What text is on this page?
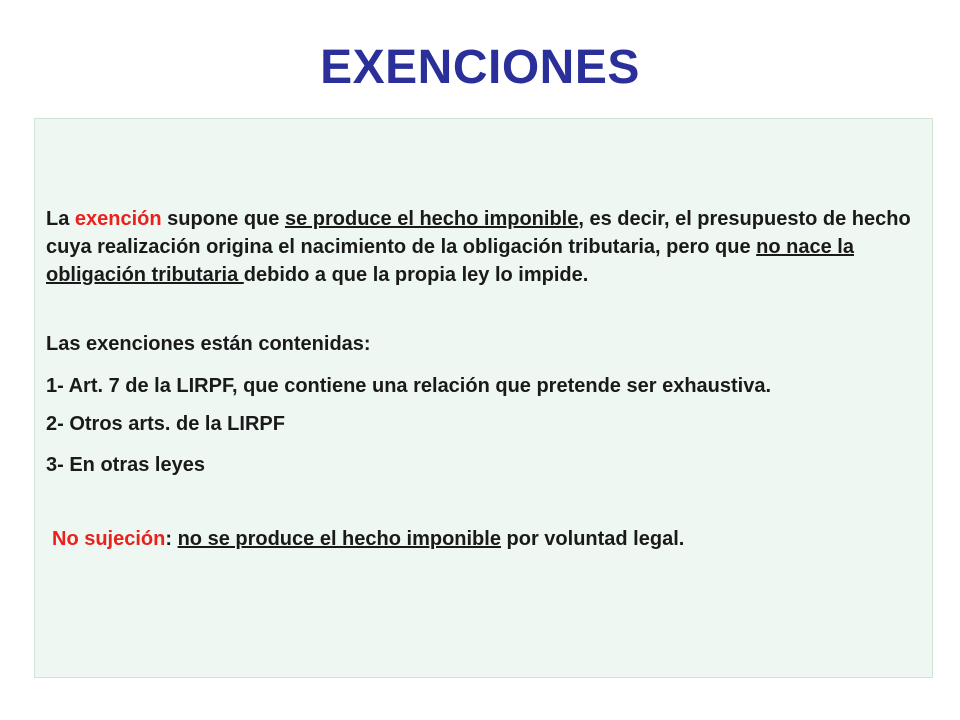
EXENCIONES

La exención supone que se produce el hecho imponible, es decir, el presupuesto de hecho cuya realización origina el nacimiento de la obligación tributaria, pero que no nace la obligación tributaria debido a que la propia ley lo impide.

Las exenciones están contenidas:

1- Art. 7 de la LIRPF, que contiene una relación que pretende ser exhaustiva.

2- Otros arts. de la LIRPF

3- En otras leyes

No sujeción: no se produce el hecho imponible por voluntad legal.
